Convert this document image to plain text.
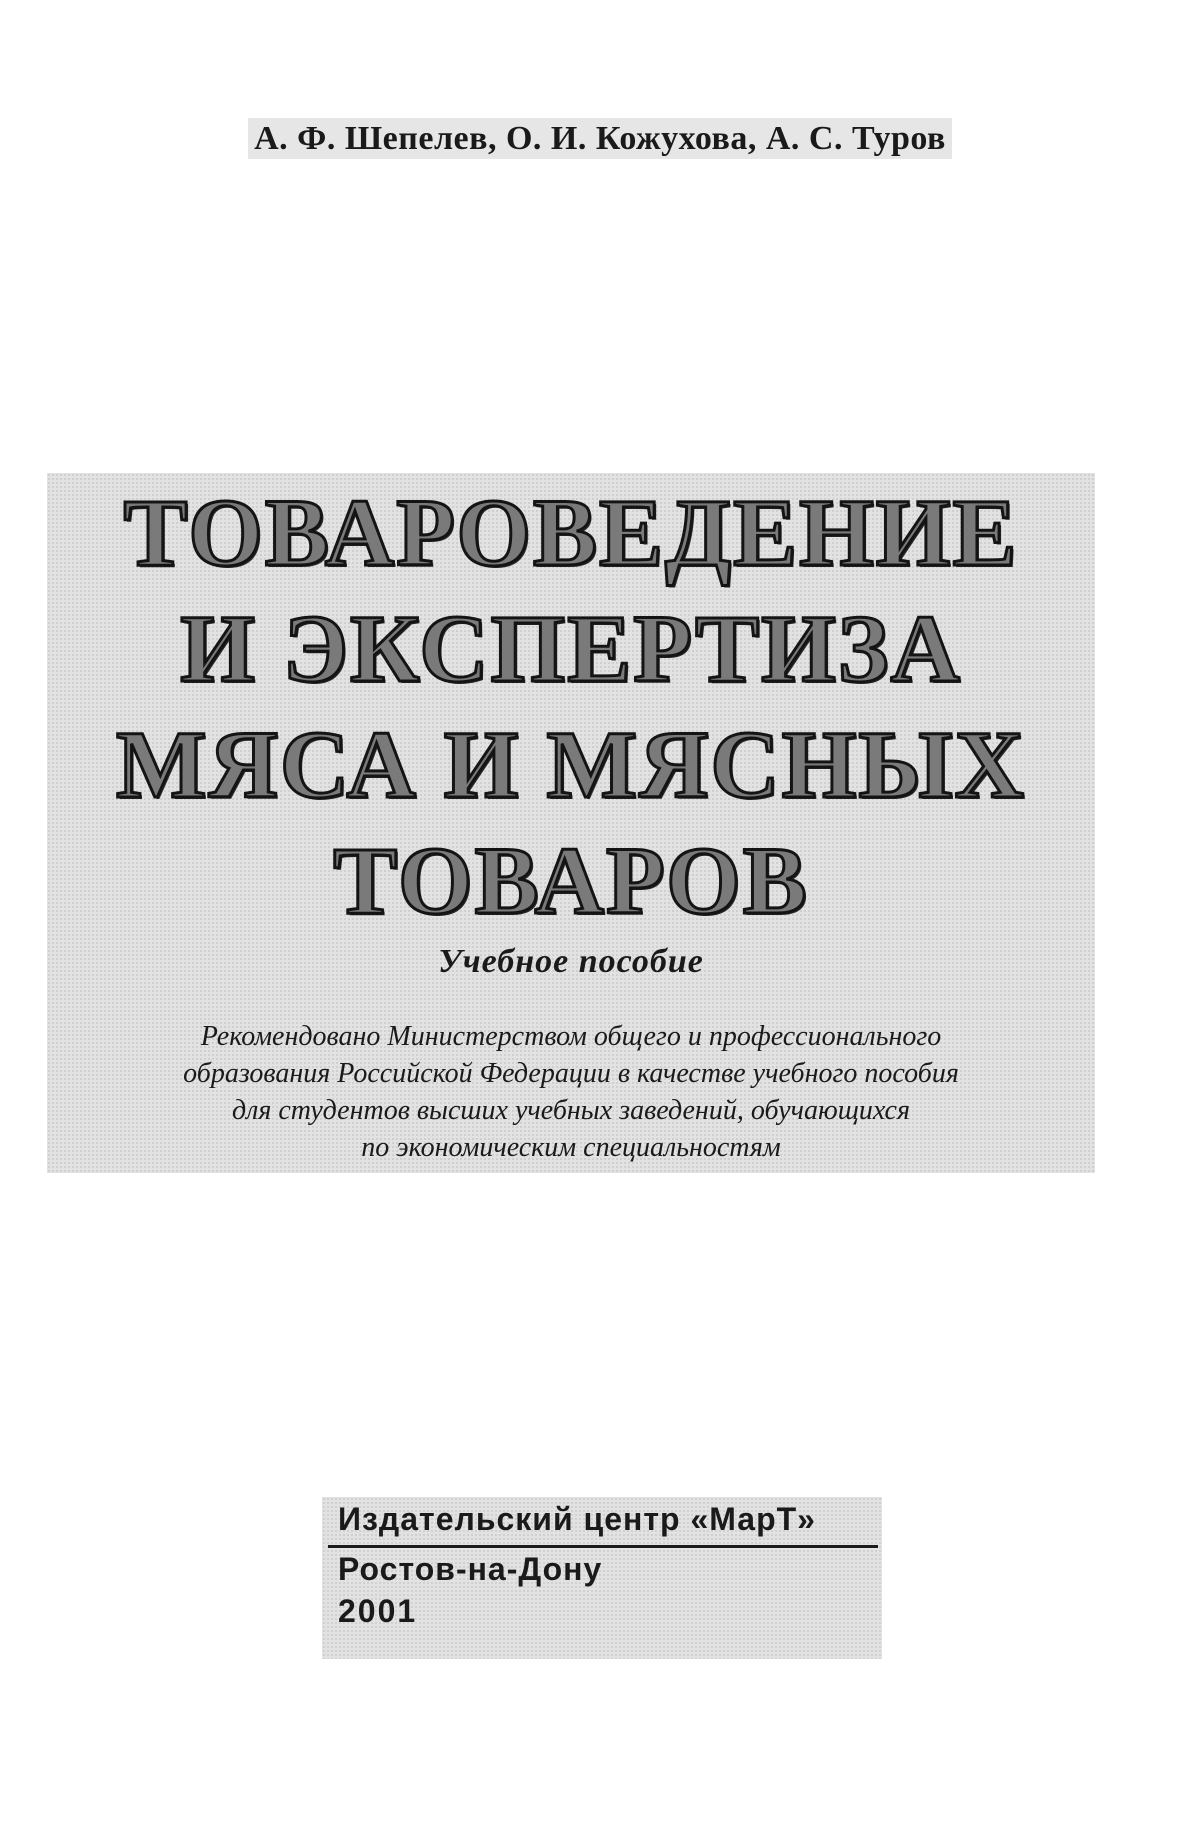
А. Ф. Шепелев, О. И. Кожухова, А. С. Туров
ТОВАРОВЕДЕНИЕ
И ЭКСПЕРТИЗА
МЯСА И МЯСНЫХ
ТОВАРОВ
Учебное пособие
Рекомендовано Министерством общего и профессионального
образования Российской Федерации в качестве учебного пособия
для студентов высших учебных заведений, обучающихся
по экономическим специальностям
Издательский центр «МарТ»
Ростов-на-Дону
2001
